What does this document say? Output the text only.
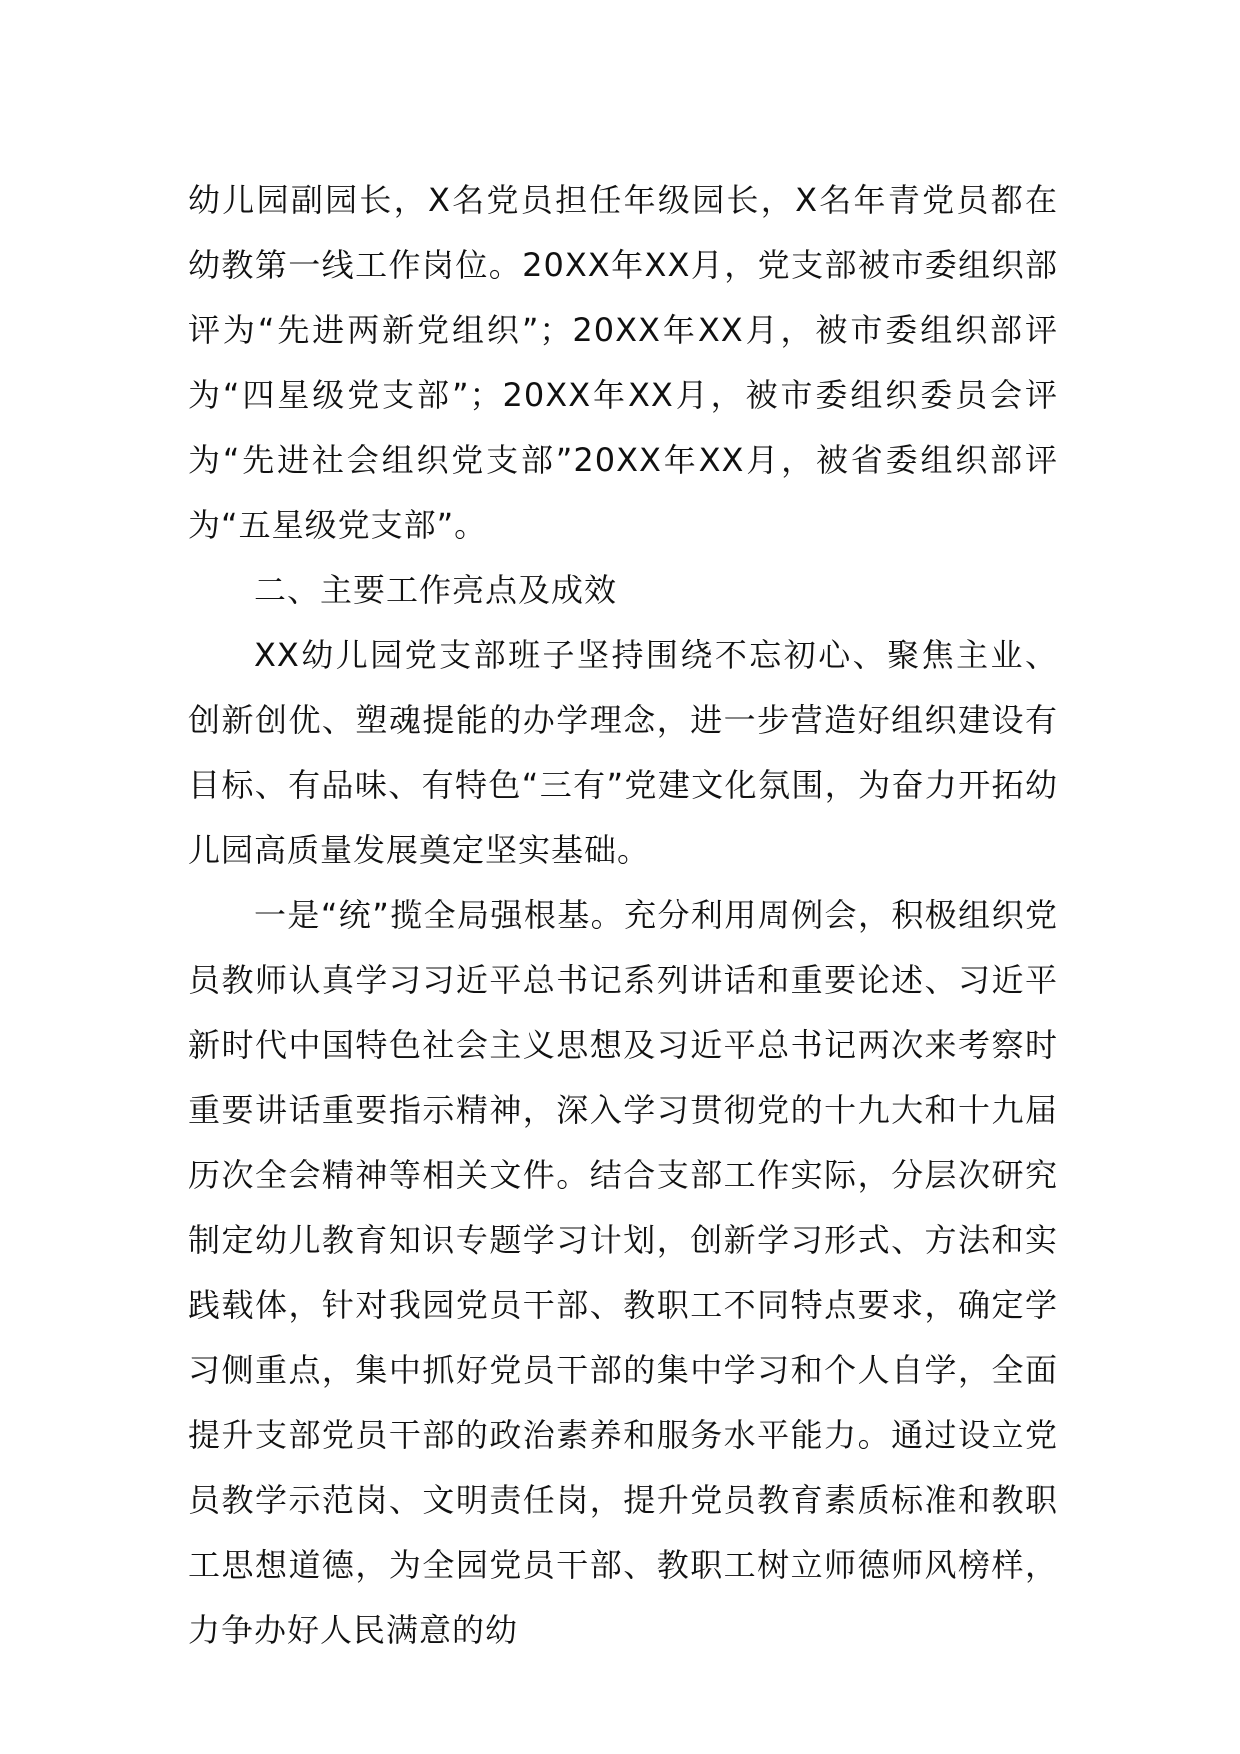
幼儿园副园长，X名党员担任年级园长，X名年青党员都在幼教第一线工作岗位。20XX年XX月，党支部被市委组织部评为“先进两新党组织”；20XX年XX月，被市委组织部评为“四星级党支部”；20XX年XX月，被市委组织委员会评为“先进社会组织党支部”20XX年XX月，被省委组织部评为“五星级党支部”。

二、主要工作亮点及成效

XX幼儿园党支部班子坚持围绕不忘初心、聚焦主业、创新创优、塑魂提能的办学理念，进一步营造好组织建设有目标、有品味、有特色“三有”党建文化氛围，为奋力开拓幼儿园高质量发展奠定坚实基础。

一是“统”揽全局强根基。充分利用周例会，积极组织党员教师认真学习习近平总书记系列讲话和重要论述、习近平新时代中国特色社会主义思想及习近平总书记两次来考察时重要讲话重要指示精神，深入学习贯彻党的十九大和十九届历次全会精神等相关文件。结合支部工作实际，分层次研究制定幼儿教育知识专题学习计划，创新学习形式、方法和实践载体，针对我园党员干部、教职工不同特点要求，确定学习侧重点，集中抓好党员干部的集中学习和个人自学，全面提升支部党员干部的政治素养和服务水平能力。通过设立党员教学示范岗、文明责任岗，提升党员教育素质标准和教职工思想道德，为全园党员干部、教职工树立师德师风榜样，力争办好人民满意的幼
